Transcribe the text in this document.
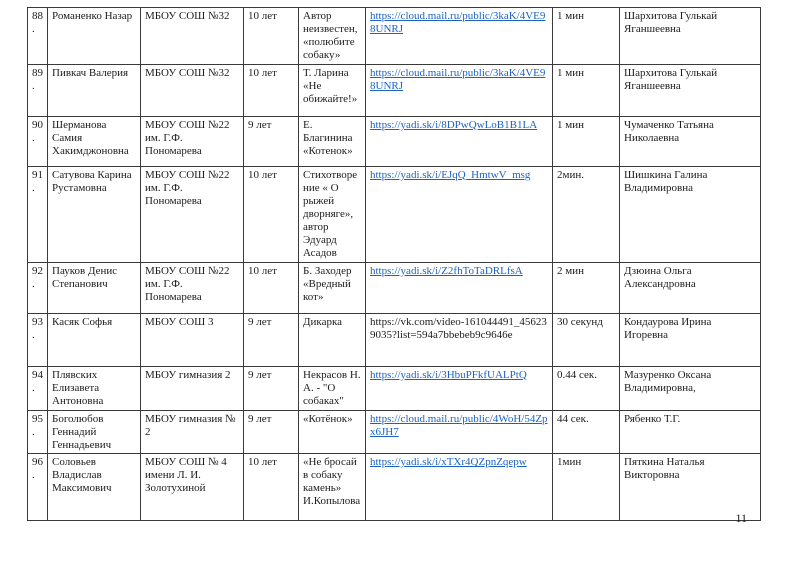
88.	Романенко Назар	МБОУ СОШ №32	10 лет	Автор неизвестен, «полюбите собаку»	https://cloud.mail.ru/public/3kaK/4VE98UNRJ	1 мин	Шархитова Гулькай Яганшеевна
89.	Пивкач Валерия	МБОУ СОШ №32	10 лет	Т. Ларина «Не обижайте!»	https://cloud.mail.ru/public/3kaK/4VE98UNRJ	1 мин	Шархитова Гулькай Яганшеевна
90.	Шерманова Самия Хакимджоновна	МБОУ СОШ №22 им. Г.Ф. Пономарева	9 лет	Е. Благинина «Котенок»	https://yadi.sk/i/8DPwQwLoB1B1LA	1 мин	Чумаченко Татьяна Николаевна
91.	Сатувова Карина Рустамовна	МБОУ СОШ №22 им. Г.Ф. Пономарева	10 лет	Стихотворение « О рыжей дворняге», автор Эдуард Асадов	https://yadi.sk/i/EJqQ_HmtwV_msg	2мин.	Шишкина Галина Владимировна
92.	Пауков Денис Степанович	МБОУ СОШ №22 им. Г.Ф. Пономарева	10 лет	Б. Заходер «Вредный кот»	https://yadi.sk/i/Z2fhToTaDRLfsA	2 мин	Дзюина Ольга Александровна
93.	Касяк Софья	МБОУ СОШ 3	9 лет	Дикарка	https://vk.com/video-161044491_456239035?list=594a7bbebeb9c9646e	30 секунд	Кондаурова Ирина Игоревна
94.	Плявских Елизавета Антоновна	МБОУ гимназия 2	9 лет	Некрасов Н. А. - "О собаках"	https://yadi.sk/i/3HbuPFkfUALPtQ	0.44 сек.	Мазуренко Оксана Владимировна,
95.	Боголюбов Геннадий Геннадьевич	МБОУ гимназия № 2	9 лет	«Котёнок»	https://cloud.mail.ru/public/4WoH/54Zpx6JH7	44 сек.	Рябенко Т.Г.
96.	Соловьев Владислав Максимович	МБОУ СОШ № 4 имени Л. И. Золотухиной	10 лет	«Не бросай в собаку камень» И.Копылова	https://yadi.sk/i/xTXr4QZpnZqepw	1мин	Пяткина Наталья Викторовна
11
